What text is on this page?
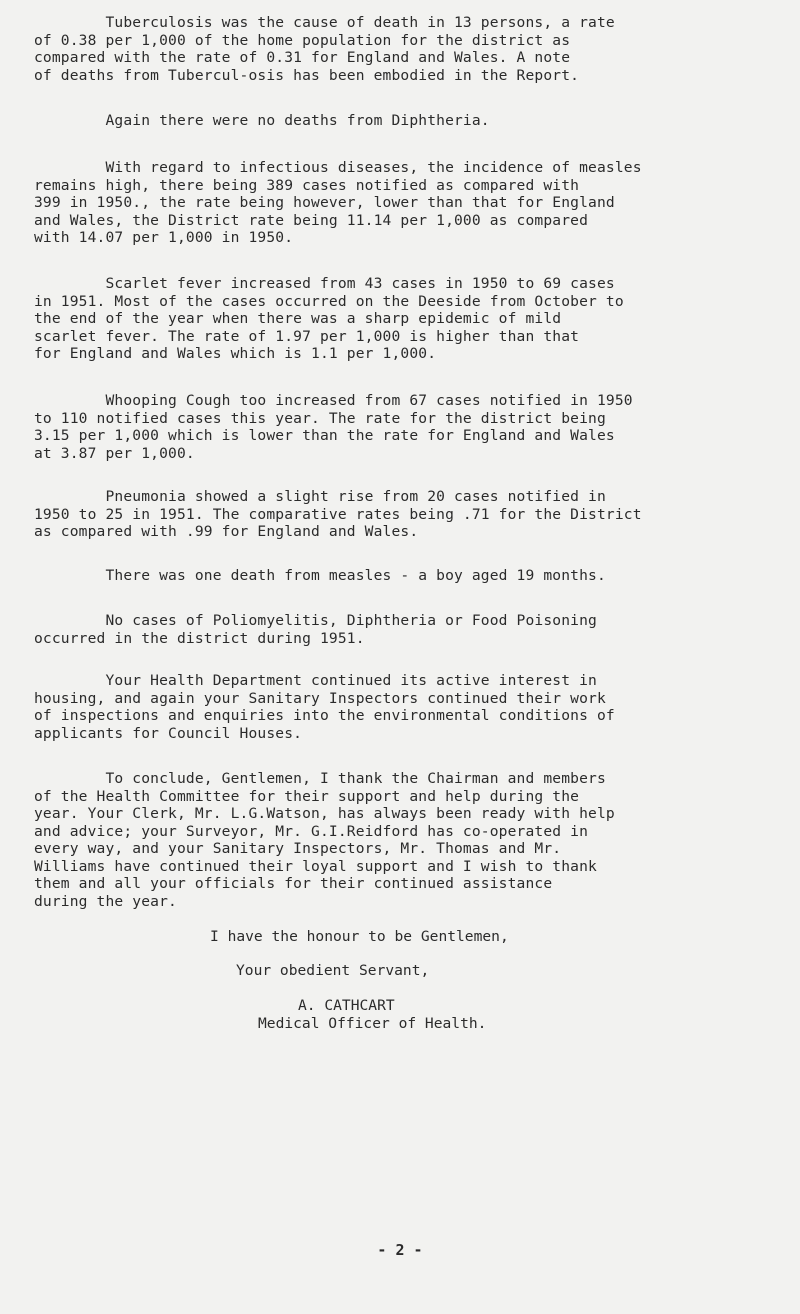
Tuberculosis was the cause of death in 13 persons, a rate
of 0.38 per 1,000 of the home population for the district as
compared with the rate of 0.31 for England and Wales. A note
of deaths from Tubercul-osis has been embodied in the Report.
Again there were no deaths from Diphtheria.
With regard to infectious diseases, the incidence of measles
remains high, there being 389 cases notified as compared with
399 in 1950., the rate being however, lower than that for England
and Wales, the District rate being 11.14 per 1,000 as compared
with 14.07 per 1,000 in 1950.
Scarlet fever increased from 43 cases in 1950 to 69 cases
in 1951. Most of the cases occurred on the Deeside from October to
the end of the year when there was a sharp epidemic of mild
scarlet fever. The rate of 1.97 per 1,000 is higher than that
for England and Wales which is 1.1 per 1,000.
Whooping Cough too increased from 67 cases notified in 1950
to 110 notified cases this year. The rate for the district being
3.15 per 1,000 which is lower than the rate for England and Wales
at 3.87 per 1,000.
Pneumonia showed a slight rise from 20 cases notified in
1950 to 25 in 1951. The comparative rates being .71 for the District
as compared with .99 for England and Wales.
There was one death from measles - a boy aged 19 months.
No cases of Poliomyelitis, Diphtheria or Food Poisoning
occurred in the district during 1951.
Your Health Department continued its active interest in
housing, and again your Sanitary Inspectors continued their work
of inspections and enquiries into the environmental conditions of
applicants for Council Houses.
To conclude, Gentlemen, I thank the Chairman and members
of the Health Committee for their support and help during the
year. Your Clerk, Mr. L.G.Watson, has always been ready with help
and advice; your Surveyor, Mr. G.I.Reidford has co-operated in
every way, and your Sanitary Inspectors, Mr. Thomas and Mr.
Williams have continued their loyal support and I wish to thank
them and all your officials for their continued assistance
during the year.
I have the honour to be Gentlemen,
Your obedient Servant,
A. CATHCART
Medical Officer of Health.
- 2 -
